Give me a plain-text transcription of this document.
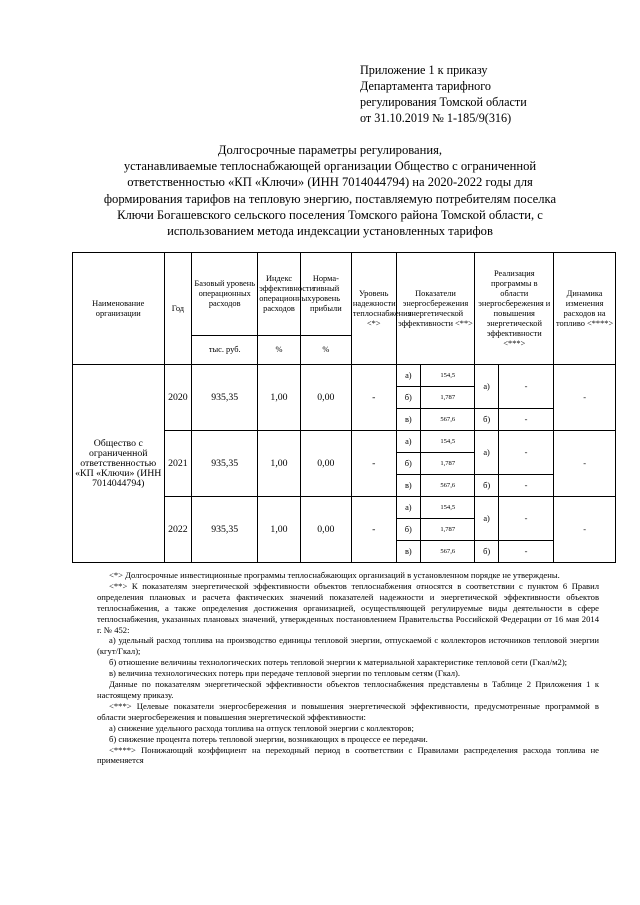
Приложение 1 к приказу
Департамента тарифного
регулирования Томской области
от 31.10.2019 № 1-185/9(316)
Долгосрочные параметры регулирования,
устанавливаемые теплоснабжающей организации Общество с ограниченной
ответственностью «КП «Ключи» (ИНН 7014044794) на 2020-2022 годы для
формирования тарифов на тепловую энергию, поставляемую потребителям поселка
Ключи Богашевского сельского поселения Томского района Томской области, с
использованием метода индексации установленных тарифов
Наименование организации	Год	Базовый уровень операционных расходов	Индекс эффективности операционных расходов	Норма-тивный уровень прибыли	Уровень надежности теплоснабжения <*>	Показатели энергосбережения энергетической эффективности <**>		Реализация программы в области энергосбережения и повышения энергетической эффективности <***>		Динамика изменения расходов на топливо <****>
		тыс. руб.	%	%						
Общество с ограниченной ответственностью «КП «Ключи» (ИНН 7014044794)	2020	935,35	1,00	0,00	-	а)	154,5	а)	-	-
						б)	1,787			
						в)	567,6	б)	-	
	2021	935,35	1,00	0,00	-	а)	154,5	а)	-	-
						б)	1,787			
						в)	567,6	б)	-	
	2022	935,35	1,00	0,00	-	а)	154,5	а)	-	-
						б)	1,787			
						в)	567,6	б)	-	

<*> Долгосрочные инвестиционные программы теплоснабжающих организаций в установленном порядке не утверждены.

<**> К показателям энергетической эффективности объектов теплоснабжения относятся в соответствии с пунктом 6 Правил определения плановых и расчета фактических значений показателей надежности и энергетической эффективности объектов теплоснабжения, а также определения достижения организацией, осуществляющей регулируемые виды деятельности в сфере теплоснабжения, указанных плановых значений, утвержденных постановлением Правительства Российской Федерации от 16 мая 2014 г. № 452:

а) удельный расход топлива на производство единицы тепловой энергии, отпускаемой с коллекторов источников тепловой энергии (кгут/Гкал);

б) отношение величины технологических потерь тепловой энергии к материальной характеристике тепловой сети (Гкал/м2);

в) величина технологических потерь при передаче тепловой энергии по тепловым сетям (Гкал).

Данные по показателям энергетической эффективности объектов теплоснабжения представлены в Таблице 2 Приложения 1 к настоящему приказу.

<***> Целевые показатели энергосбережения и повышения энергетической эффективности, предусмотренные программой в области энергосбережения и повышения энергетической эффективности:

а) снижение удельного расхода топлива на отпуск тепловой энергии с коллекторов;

б) снижение процента потерь тепловой энергии, возникающих в процессе ее передачи.

<****> Понижающий коэффициент на переходный период в соответствии с Правилами распределения расхода топлива не применяется
